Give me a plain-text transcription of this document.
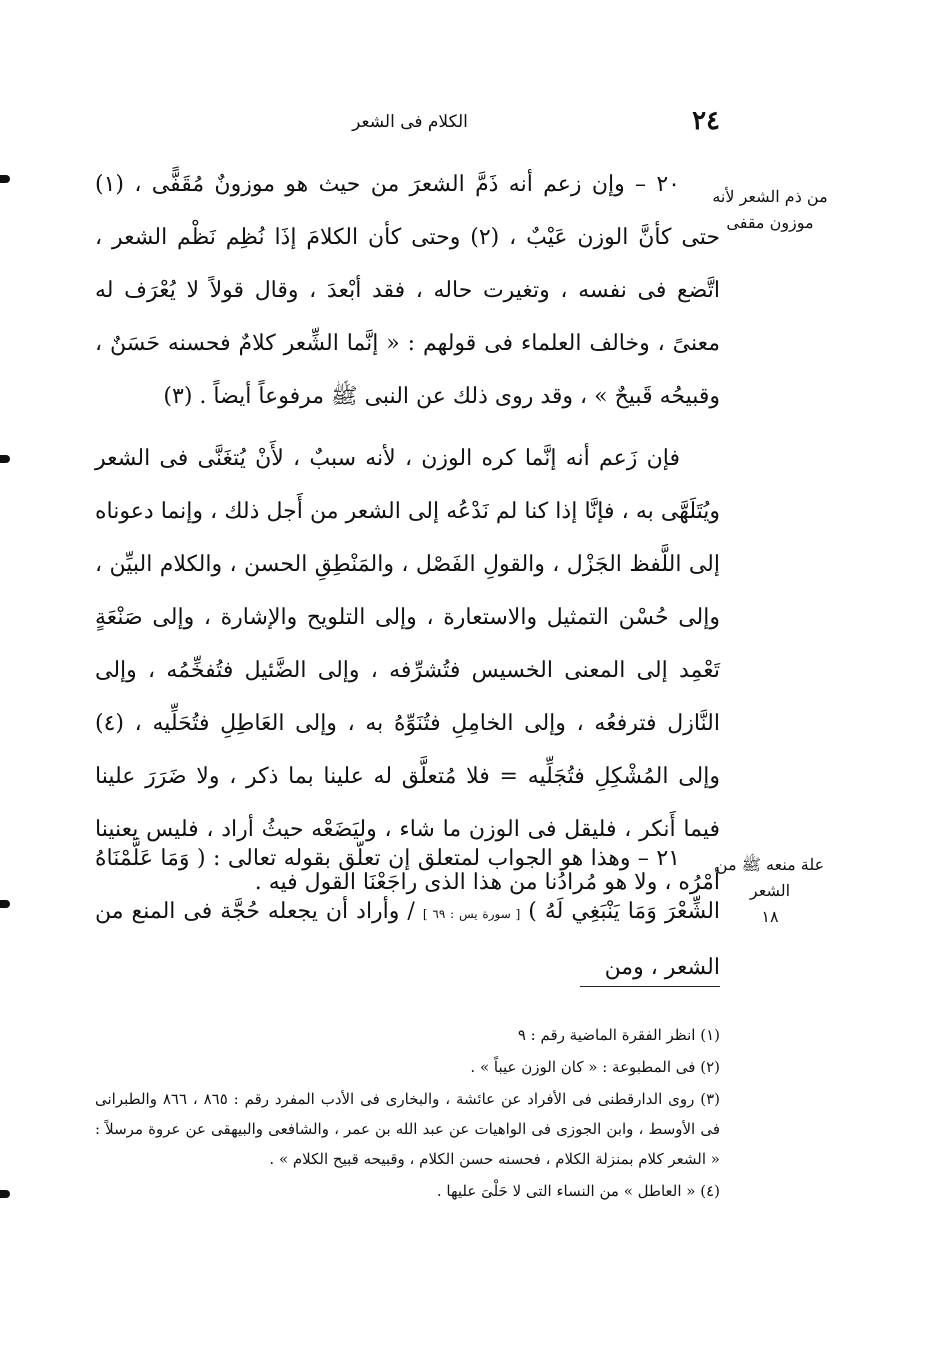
٢٤
الكلام فى الشعر
من ذم الشعر لأنه موزون مقفى
علة منعه ﷺ من الشعر
١٨

٢٠ – وإن زعم أنه ذَمَّ الشعرَ من حيث هو موزونٌ مُقَفًّى ، (١) حتى كأنَّ الوزن عَيْبٌ ، (٢) وحتى كأن الكلامَ إذَا نُظِم نَظْم الشعر ، اتَّضع فى نفسه ، وتغيرت حاله ، فقد أبْعدَ ، وقال قولاً لا يُعْرَف له معنىً ، وخالف العلماء فى قولهم : « إنَّما الشِّعر كلامٌ فحسنه حَسَنٌ ، وقبيحُه قَبيحٌ » ، وقد روى ذلك عن النبى ﷺ مرفوعاً أيضاً . (٣)

فإن زَعم أنه إنَّما كره الوزن ، لأنه سببٌ ، لأَنْ يُتغَنَّى فى الشعر ويُتَلَهَّى به ، فإنَّا إذا كنا لم نَدْعُه إلى الشعر من أَجل ذلك ، وإنما دعوناه إلى اللَّفظ الجَزْل ، والقولِ الفَصْل ، والمَنْطِقِ الحسن ، والكلام البيِّن ، وإلى حُسْن التمثيل والاستعارة ، وإلى التلويح والإشارة ، وإلى صَنْعَةٍ تَعْمِد إلى المعنى الخسيس فتُشرِّفه ، وإلى الضَّئيل فتُفخِّمُه ، وإلى النَّازل فترفعُه ، وإلى الخامِلِ فتُنَوِّهُ به ، وإلى العَاطِلِ فتُحَلِّيه ، (٤) وإلى المُشْكِلِ فتُجَلِّيه = فلا مُتعلَّق له علينا بما ذكر ، ولا ضَرَرَ علينا فيما أَنكر ، فليقل فى الوزن ما شاء ، وليَضَعْه حيثُ أراد ، فليس يعنينا أمْرُه ، ولا هو مُرادُنا من هذا الذى راجَعْنَا القول فيه .

٢١ – وهذا هو الجواب لمتعلق إن تعلّق بقوله تعالى : ( وَمَا عَلَّمْنَاهُ الشِّعْرَ وَمَا يَنْبَغِي لَهُ ) [ سورة يس : ٦٩ ] / وأراد أن يجعله حُجَّة فى المنع من الشعر ، ومن

(١) انظر الفقرة الماضية رقم : ٩

(٢) فى المطبوعة : « كان الوزن عيباً » .

(٣) روى الدارقطنى فى الأفراد عن عائشة ، والبخارى فى الأدب المفرد رقم : ٨٦٥ ، ٨٦٦ والطبرانى فى الأوسط ، وابن الجوزى فى الواهيات عن عبد الله بن عمر ، والشافعى والبيهقى عن عروة مرسلاً : « الشعر كلام بمنزلة الكلام ، فحسنه حسن الكلام ، وقبيحه قبيح الكلام » .

(٤) « العاطل » من النساء التى لا حَلْىَ عليها .
